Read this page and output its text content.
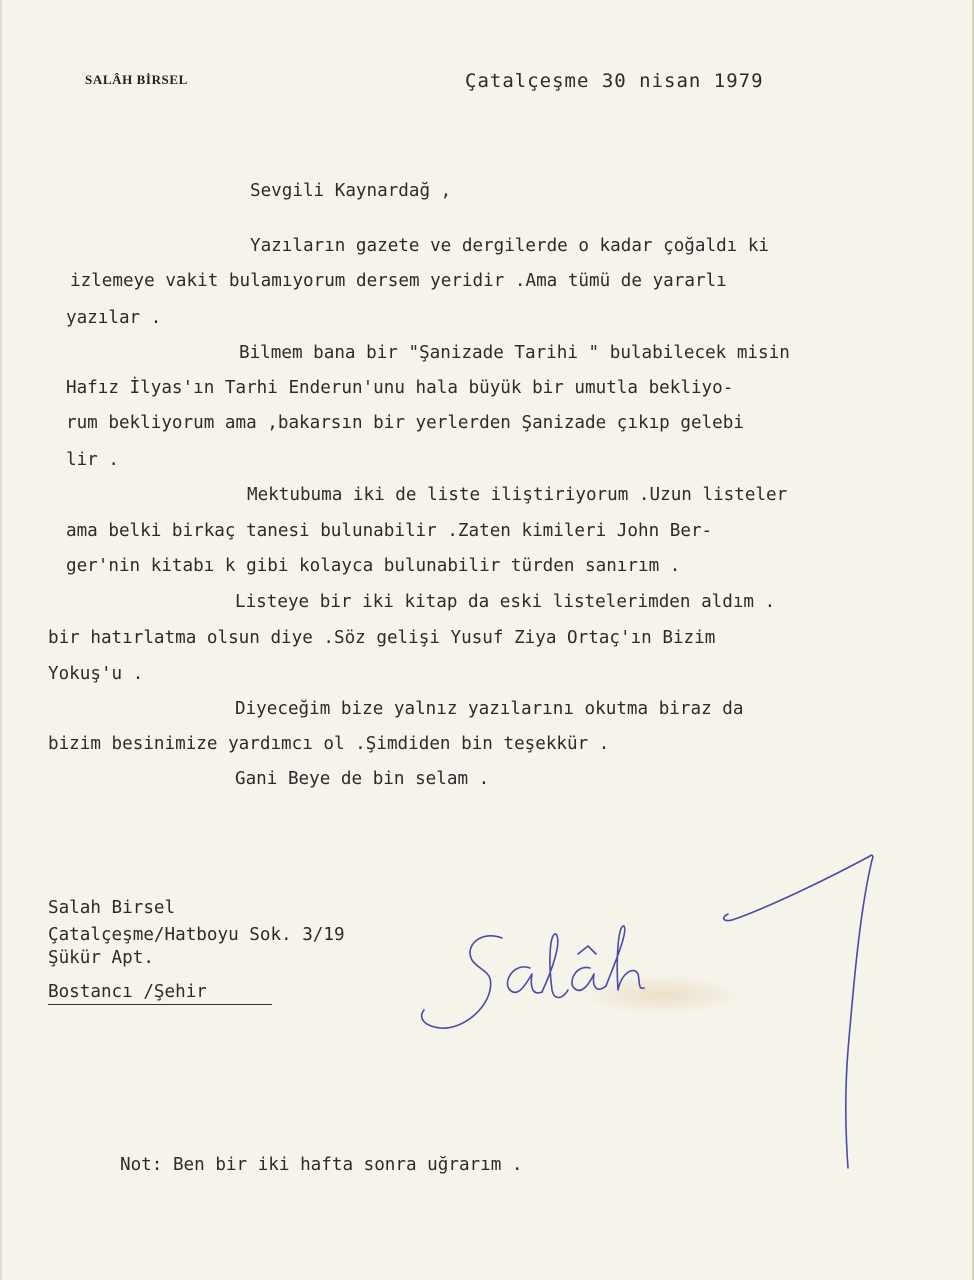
SALÂH BİRSEL	Çatalçeşme 30 nisan 1979
Sevgili Kaynardağ ,
Yazıların gazete ve dergilerde o kadar çoğaldı ki
izlemeye vakit bulamıyorum dersem yeridir .Ama tümü de yararlı
yazılar .
Bilmem bana bir "Şanizade Tarihi " bulabilecek misin
Hafız İlyas'ın Tarhi Enderun'unu hala büyük bir umutla bekliyo-
rum bekliyorum ama ,bakarsın bir yerlerden Şanizade çıkıp gelebi
lir .
Mektubuma iki de liste iliştiriyorum .Uzun listeler
ama belki birkaç tanesi bulunabilir .Zaten kimileri John Ber-
ger'nin kitabı k gibi kolayca bulunabilir türden sanırım .
Listeye bir iki kitap da eski listelerimden aldım .
bir hatırlatma olsun diye .Söz gelişi Yusuf Ziya Ortaç'ın Bizim
Yokuş'u .
Diyeceğim bize yalnız yazılarını okutma biraz da
bizim besinimize yardımcı ol .Şimdiden bin teşekkür .
Gani Beye de bin selam .
Salah Birsel
Çatalçeşme/Hatboyu Sok. 3/19
Şükür Apt.
Bostancı /Şehir
Not: Ben bir iki hafta sonra uğrarım .
